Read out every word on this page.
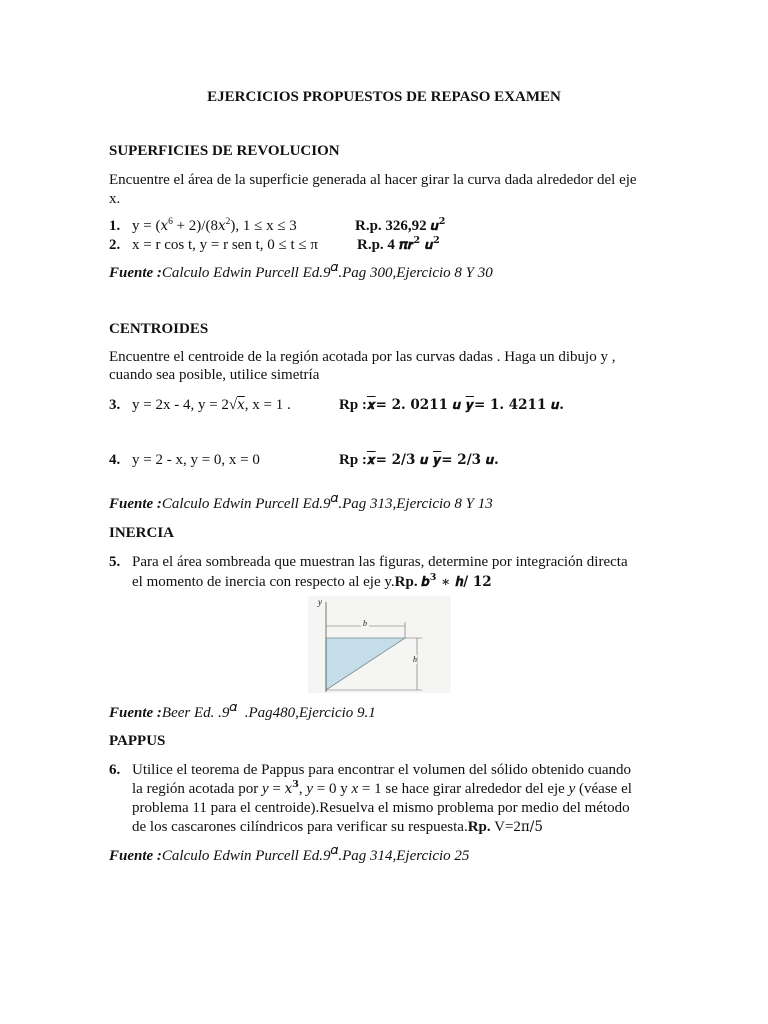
EJERCICIOS PROPUESTOS DE REPASO EXAMEN
SUPERFICIES DE REVOLUCION
Encuentre el área de la superficie generada al hacer girar la curva dada alrededor del eje
x.
1. y = (𝑥$^6$ + 2)/(8𝑥$^2$), 1 ≤ x ≤ 3	R.p. 326,92 𝒖$^𝟐$
2. x = r cos t, y = r sen t, 0 ≤ t ≤ π	R.p. 4 𝝅𝒓$^𝟐$ 𝒖$^𝟐$
Fuente :Calculo Edwin Purcell $Ed.9^𝛼.Pag$ 300,Ejercicio 8 Y 30
CENTROIDES
Encuentre el centroide de la región acotada por las curvas dadas . Haga un dibujo y ,
cuando sea posible, utilice simetría
3. y = 2x - 4, y = 2√𝑥, x = 1 .	Rp :𝒙= 𝟐. 𝟎𝟐𝟏𝟏 𝒖 𝒚= 𝟏. 𝟒𝟐𝟏𝟏 𝒖.
4. y = 2 - x, y = 0, x = 0	Rp :𝒙= 𝟐/𝟑 𝒖 𝒚= 𝟐/𝟑 𝒖.
Fuente :Calculo Edwin Purcell $Ed.9^𝛼.Pag$ 313,Ejercicio 8 Y 13
INERCIA
5. Para el área sombreada que muestran las figuras, determine por integración directa
el momento de inercia con respecto al eje y.Rp. 𝒃$^𝟑$ ∗ 𝒉/ 𝟏𝟐
y
b
h
Fuente :Beer Ed. $.9^𝛼$  .Pag480,Ejercicio 9.1
PAPPUS
6. Utilice el teorema de Pappus para encontrar el volumen del sólido obtenido cuando
la región acotada por y = 𝑥$^𝟑$, y = 0 y x = 1 se hace girar alrededor del eje y (véase el
problema 11 para el centroide).Resuelva el mismo problema por medio del método
de los cascarones cilíndricos para verificar su respuesta.Rp. V=2π/5
Fuente :Calculo Edwin Purcell $Ed.9^𝛼.Pag$ 314,Ejercicio 25
